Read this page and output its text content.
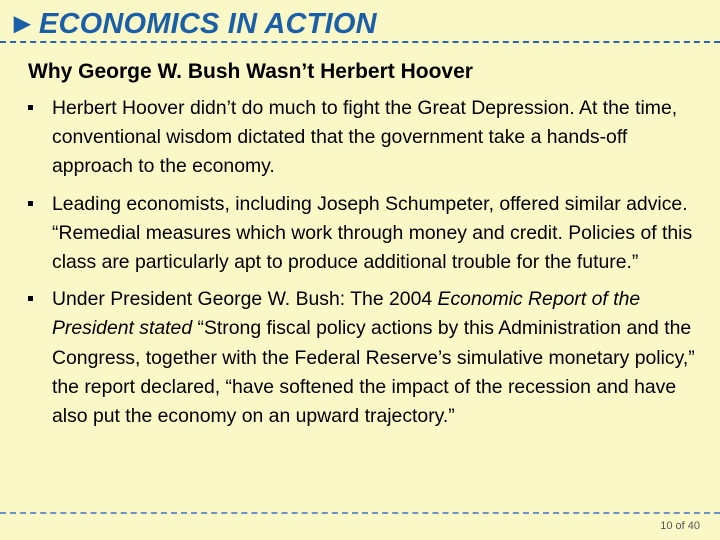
►ECONOMICS IN ACTION
Why George W. Bush Wasn’t Herbert Hoover
Herbert Hoover didn’t do much to fight the Great Depression. At the time, conventional wisdom dictated that the government take a hands-off approach to the economy.
Leading economists, including Joseph Schumpeter, offered similar advice. “Remedial measures which work through money and credit. Policies of this class are particularly apt to produce additional trouble for the future.”
Under President George W. Bush: The 2004 Economic Report of the President stated “Strong fiscal policy actions by this Administration and the Congress, together with the Federal Reserve’s simulative monetary policy,” the report declared, “have softened the impact of the recession and have also put the economy on an upward trajectory.”
10 of 40
